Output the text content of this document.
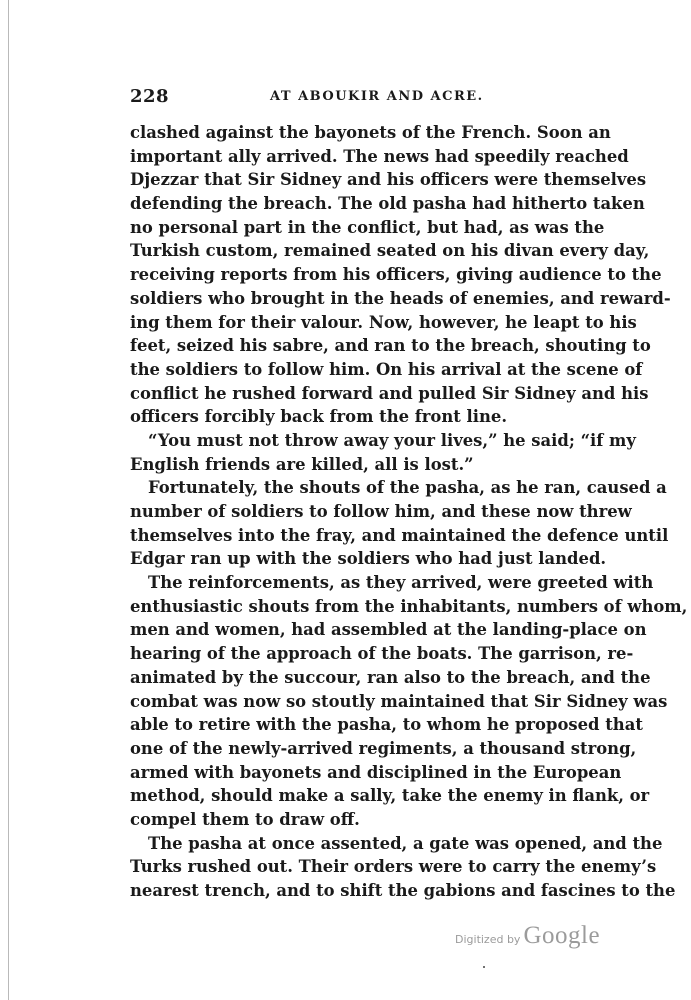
228	AT ABOUKIR AND ACRE.
clashed against the bayonets of the French. Soon an
important ally arrived. The news had speedily reached
Djezzar that Sir Sidney and his officers were themselves
defending the breach. The old pasha had hitherto taken
no personal part in the conflict, but had, as was the
Turkish custom, remained seated on his divan every day,
receiving reports from his officers, giving audience to the
soldiers who brought in the heads of enemies, and reward-
ing them for their valour. Now, however, he leapt to his
feet, seized his sabre, and ran to the breach, shouting to
the soldiers to follow him. On his arrival at the scene of
conflict he rushed forward and pulled Sir Sidney and his
officers forcibly back from the front line.
“You must not throw away your lives,” he said; “if my
English friends are killed, all is lost.”
Fortunately, the shouts of the pasha, as he ran, caused a
number of soldiers to follow him, and these now threw
themselves into the fray, and maintained the defence until
Edgar ran up with the soldiers who had just landed.
The reinforcements, as they arrived, were greeted with
enthusiastic shouts from the inhabitants, numbers of whom,
men and women, had assembled at the landing-place on
hearing of the approach of the boats. The garrison, re-
animated by the succour, ran also to the breach, and the
combat was now so stoutly maintained that Sir Sidney was
able to retire with the pasha, to whom he proposed that
one of the newly-arrived regiments, a thousand strong,
armed with bayonets and disciplined in the European
method, should make a sally, take the enemy in flank, or
compel them to draw off.
The pasha at once assented, a gate was opened, and the
Turks rushed out. Their orders were to carry the enemy’s
nearest trench, and to shift the gabions and fascines to the
Digitized by Google
